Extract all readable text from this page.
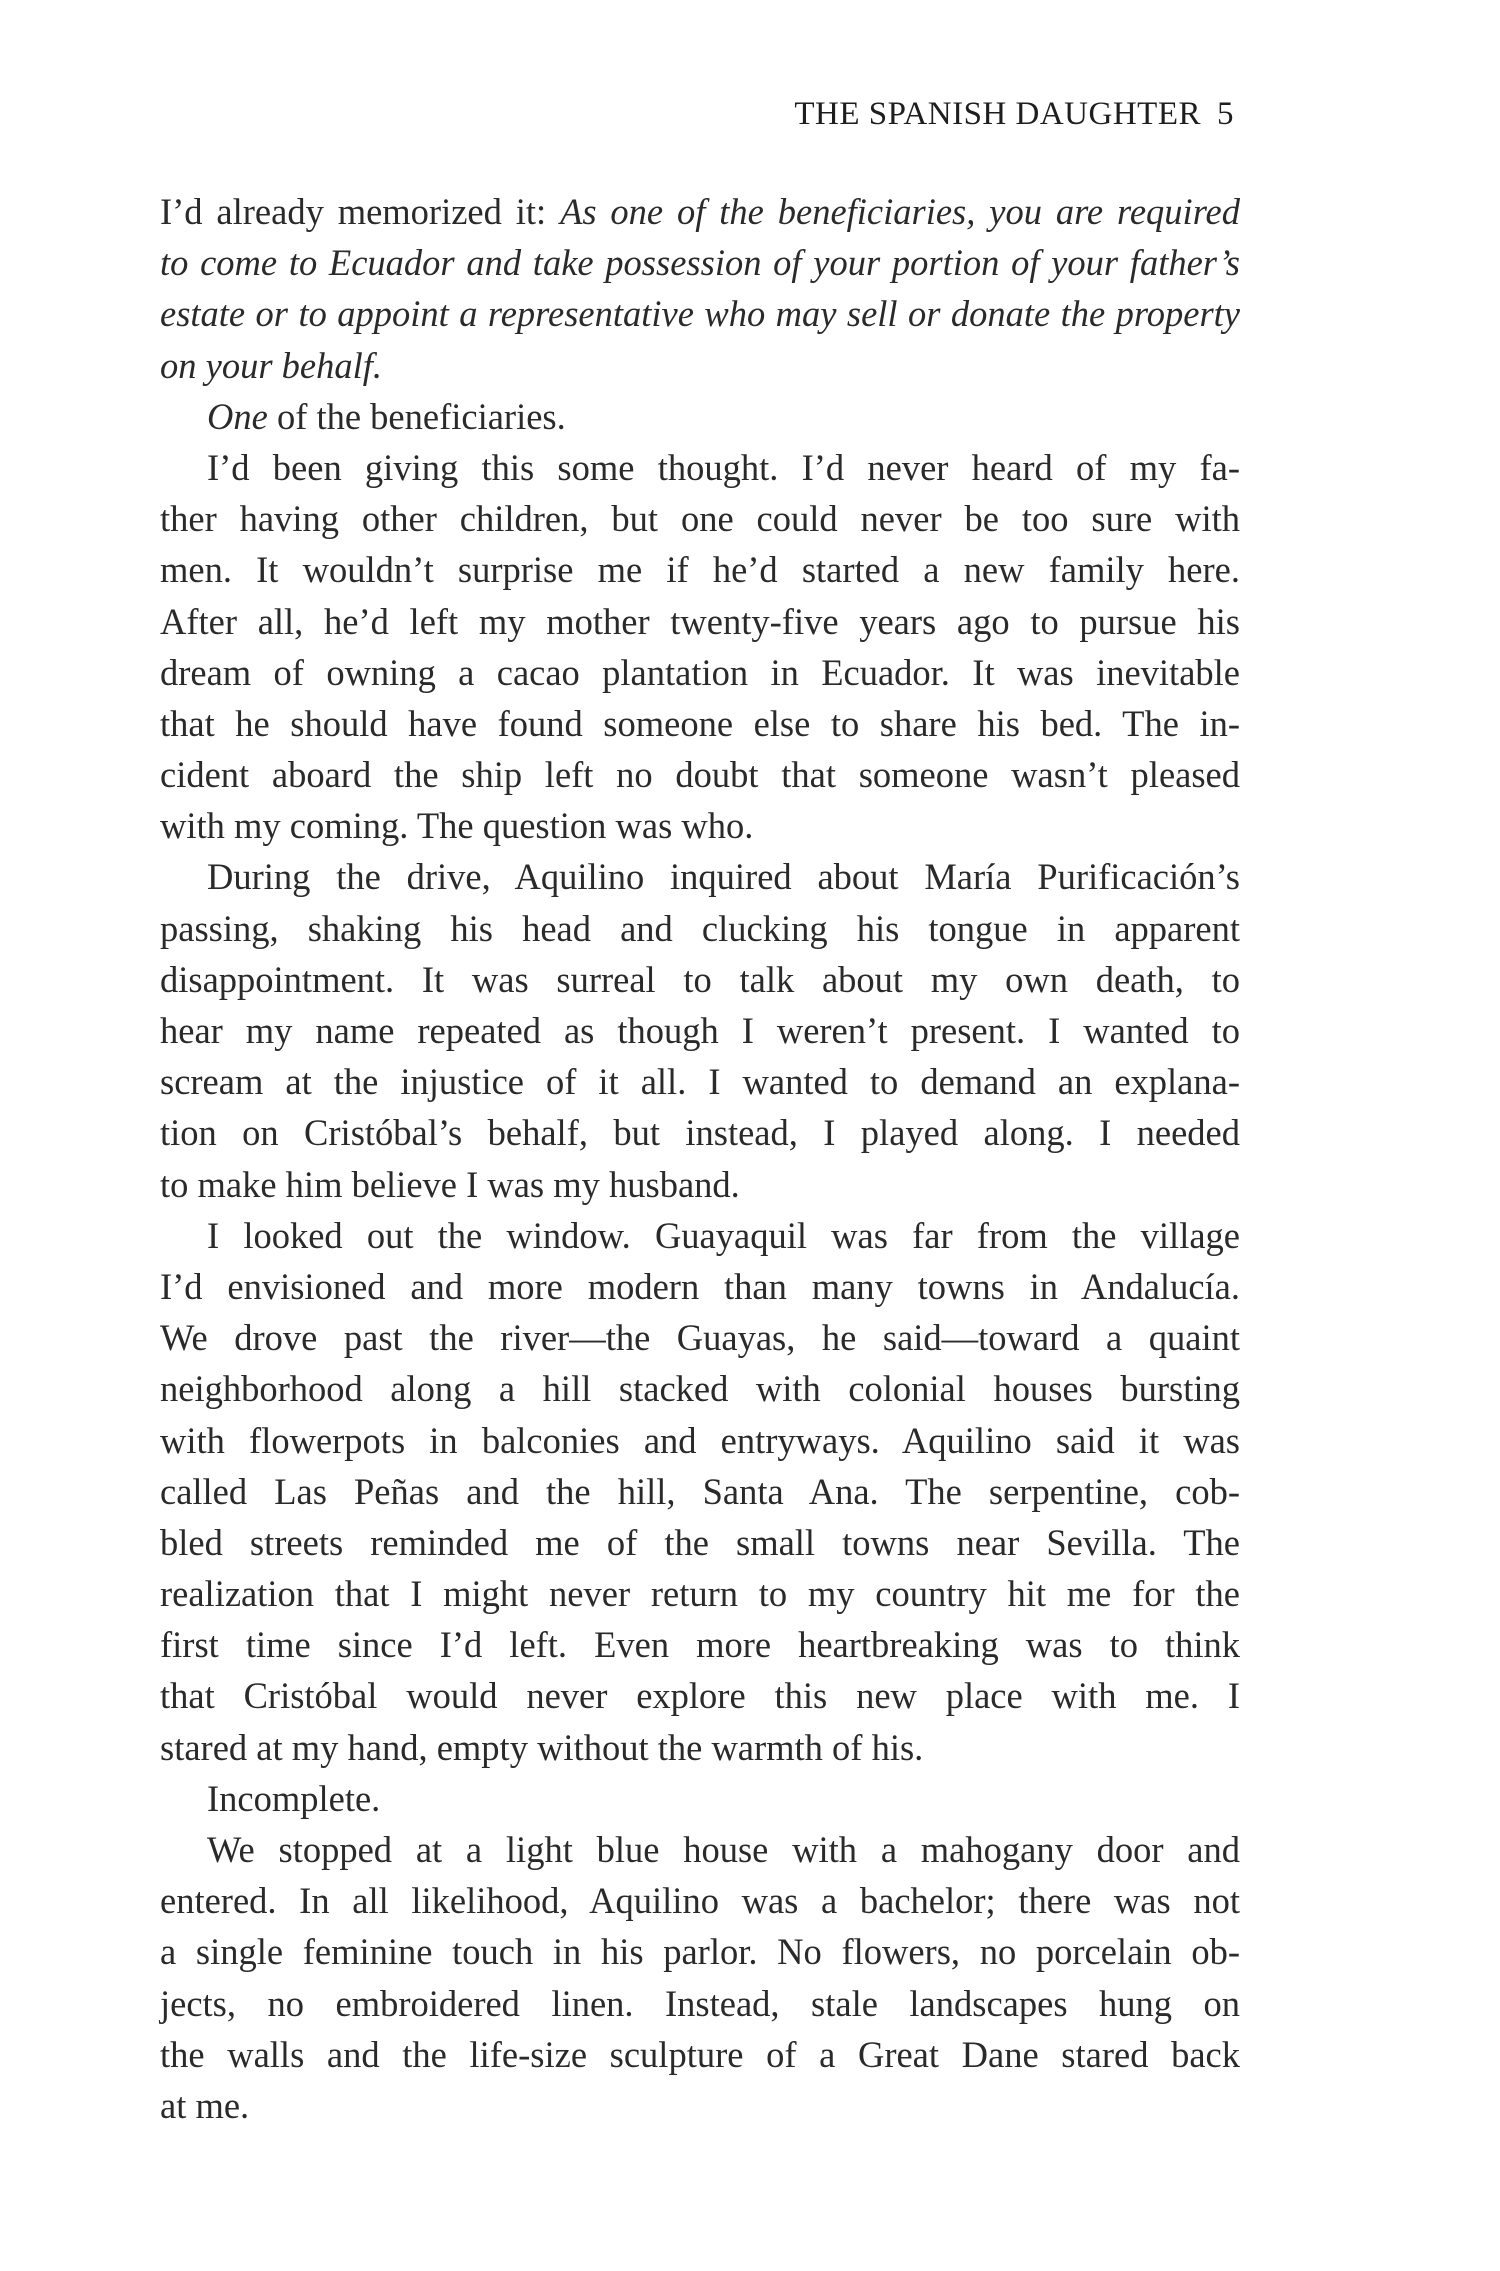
THE SPANISH DAUGHTER 5
I’d already memorized it: As one of the beneficiaries, you are required
to come to Ecuador and take possession of your portion of your father’s
estate or to appoint a representative who may sell or donate the property
on your behalf.
One of the beneficiaries.
I’d been giving this some thought. I’d never heard of my fa-
ther having other children, but one could never be too sure with
men. It wouldn’t surprise me if he’d started a new family here.
After all, he’d left my mother twenty-five years ago to pursue his
dream of owning a cacao plantation in Ecuador. It was inevitable
that he should have found someone else to share his bed. The in-
cident aboard the ship left no doubt that someone wasn’t pleased
with my coming. The question was who.
During the drive, Aquilino inquired about María Purificación’s
passing, shaking his head and clucking his tongue in apparent
disappointment. It was surreal to talk about my own death, to
hear my name repeated as though I weren’t present. I wanted to
scream at the injustice of it all. I wanted to demand an explana-
tion on Cristóbal’s behalf, but instead, I played along. I needed
to make him believe I was my husband.
I looked out the window. Guayaquil was far from the village
I’d envisioned and more modern than many towns in Andalucía.
We drove past the river—the Guayas, he said—toward a quaint
neighborhood along a hill stacked with colonial houses bursting
with flowerpots in balconies and entryways. Aquilino said it was
called Las Peñas and the hill, Santa Ana. The serpentine, cob-
bled streets reminded me of the small towns near Sevilla. The
realization that I might never return to my country hit me for the
first time since I’d left. Even more heartbreaking was to think
that Cristóbal would never explore this new place with me. I
stared at my hand, empty without the warmth of his.
Incomplete.
We stopped at a light blue house with a mahogany door and
entered. In all likelihood, Aquilino was a bachelor; there was not
a single feminine touch in his parlor. No flowers, no porcelain ob-
jects, no embroidered linen. Instead, stale landscapes hung on
the walls and the life-size sculpture of a Great Dane stared back
at me.
